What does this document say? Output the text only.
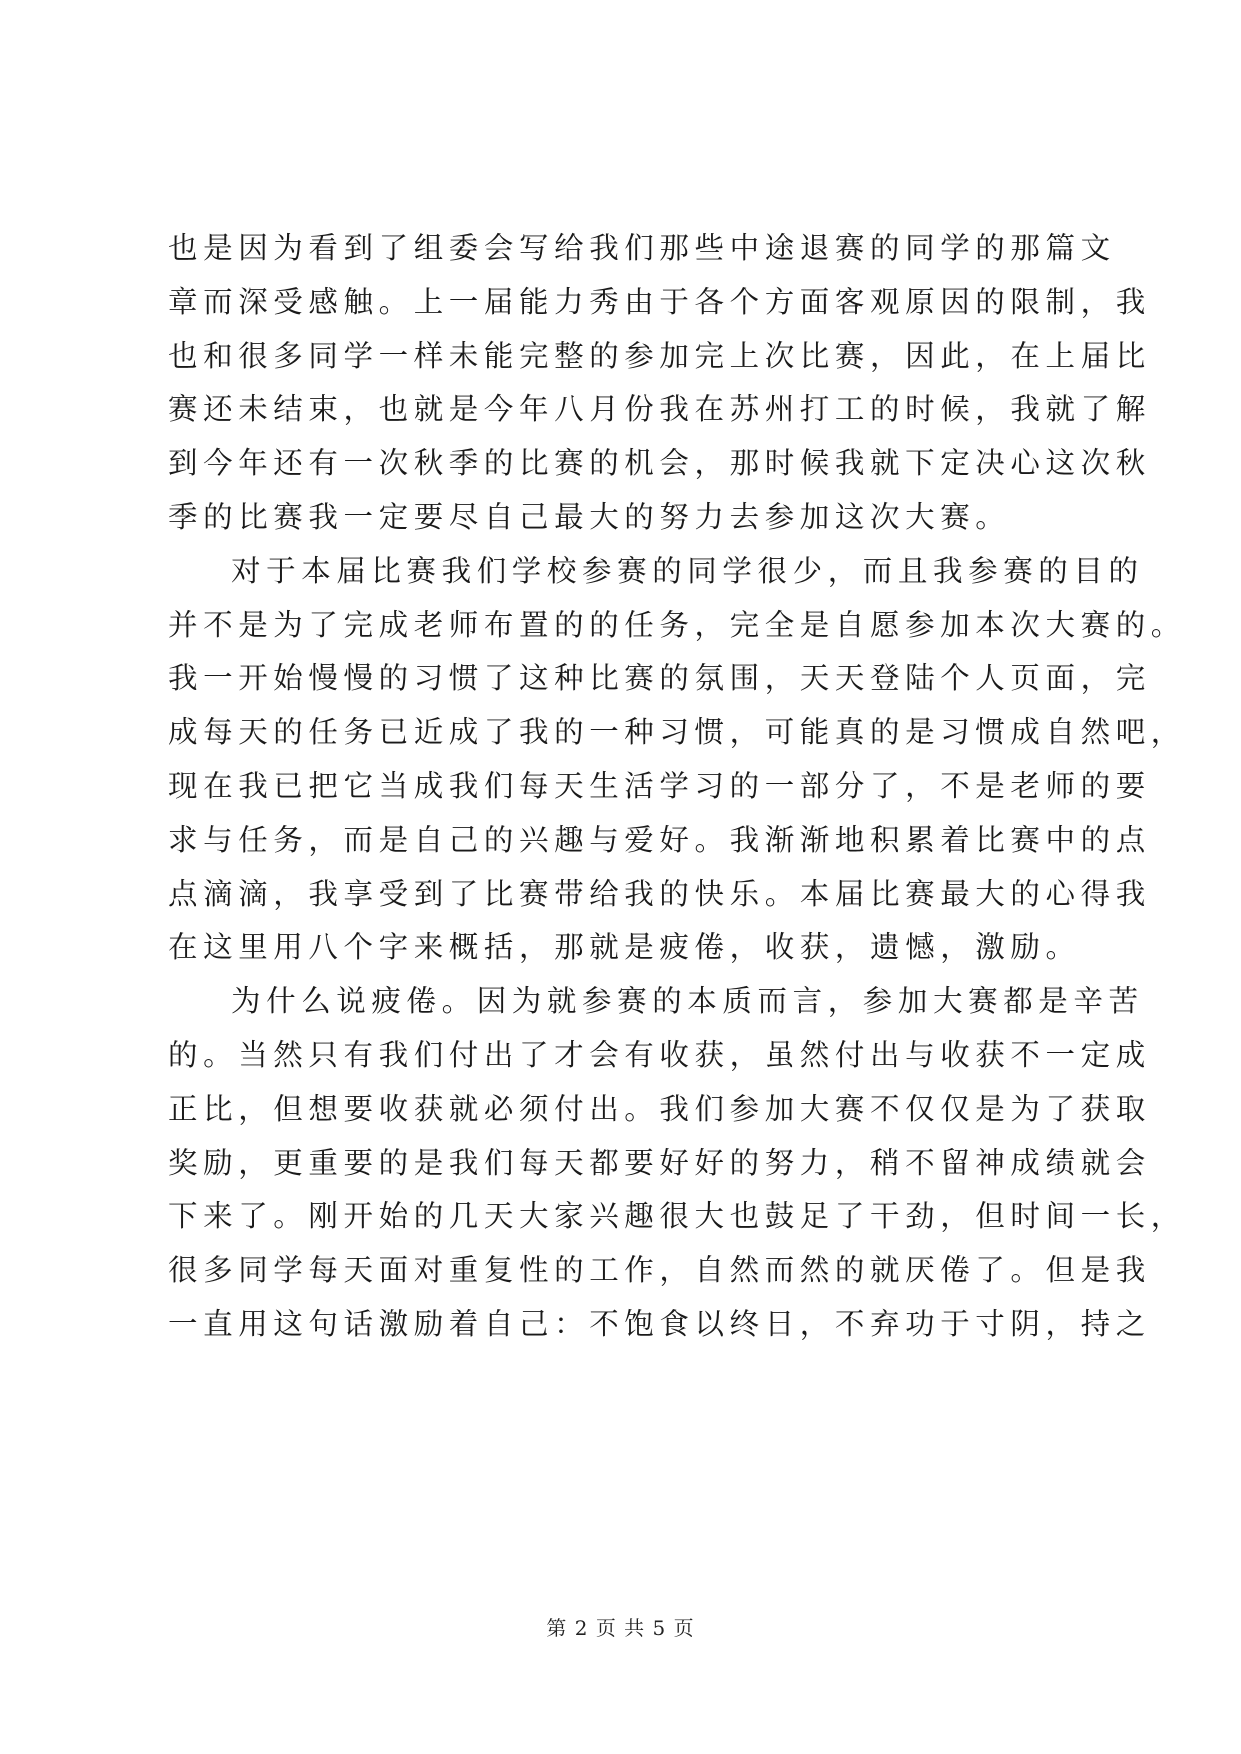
也是因为看到了组委会写给我们那些中途退赛的同学的那篇文
章而深受感触。上一届能力秀由于各个方面客观原因的限制，我
也和很多同学一样未能完整的参加完上次比赛，因此，在上届比
赛还未结束，也就是今年八月份我在苏州打工的时候，我就了解
到今年还有一次秋季的比赛的机会，那时候我就下定决心这次秋
季的比赛我一定要尽自己最大的努力去参加这次大赛。
对于本届比赛我们学校参赛的同学很少，而且我参赛的目的
并不是为了完成老师布置的的任务，完全是自愿参加本次大赛的。
我一开始慢慢的习惯了这种比赛的氛围，天天登陆个人页面，完
成每天的任务已近成了我的一种习惯，可能真的是习惯成自然吧，
现在我已把它当成我们每天生活学习的一部分了，不是老师的要
求与任务，而是自己的兴趣与爱好。我渐渐地积累着比赛中的点
点滴滴，我享受到了比赛带给我的快乐。本届比赛最大的心得我
在这里用八个字来概括，那就是疲倦，收获，遗憾，激励。
为什么说疲倦。因为就参赛的本质而言，参加大赛都是辛苦
的。当然只有我们付出了才会有收获，虽然付出与收获不一定成
正比，但想要收获就必须付出。我们参加大赛不仅仅是为了获取
奖励，更重要的是我们每天都要好好的努力，稍不留神成绩就会
下来了。刚开始的几天大家兴趣很大也鼓足了干劲，但时间一长，
很多同学每天面对重复性的工作，自然而然的就厌倦了。但是我
一直用这句话激励着自己：不饱食以终日，不弃功于寸阴，持之
第 2 页 共 5 页
